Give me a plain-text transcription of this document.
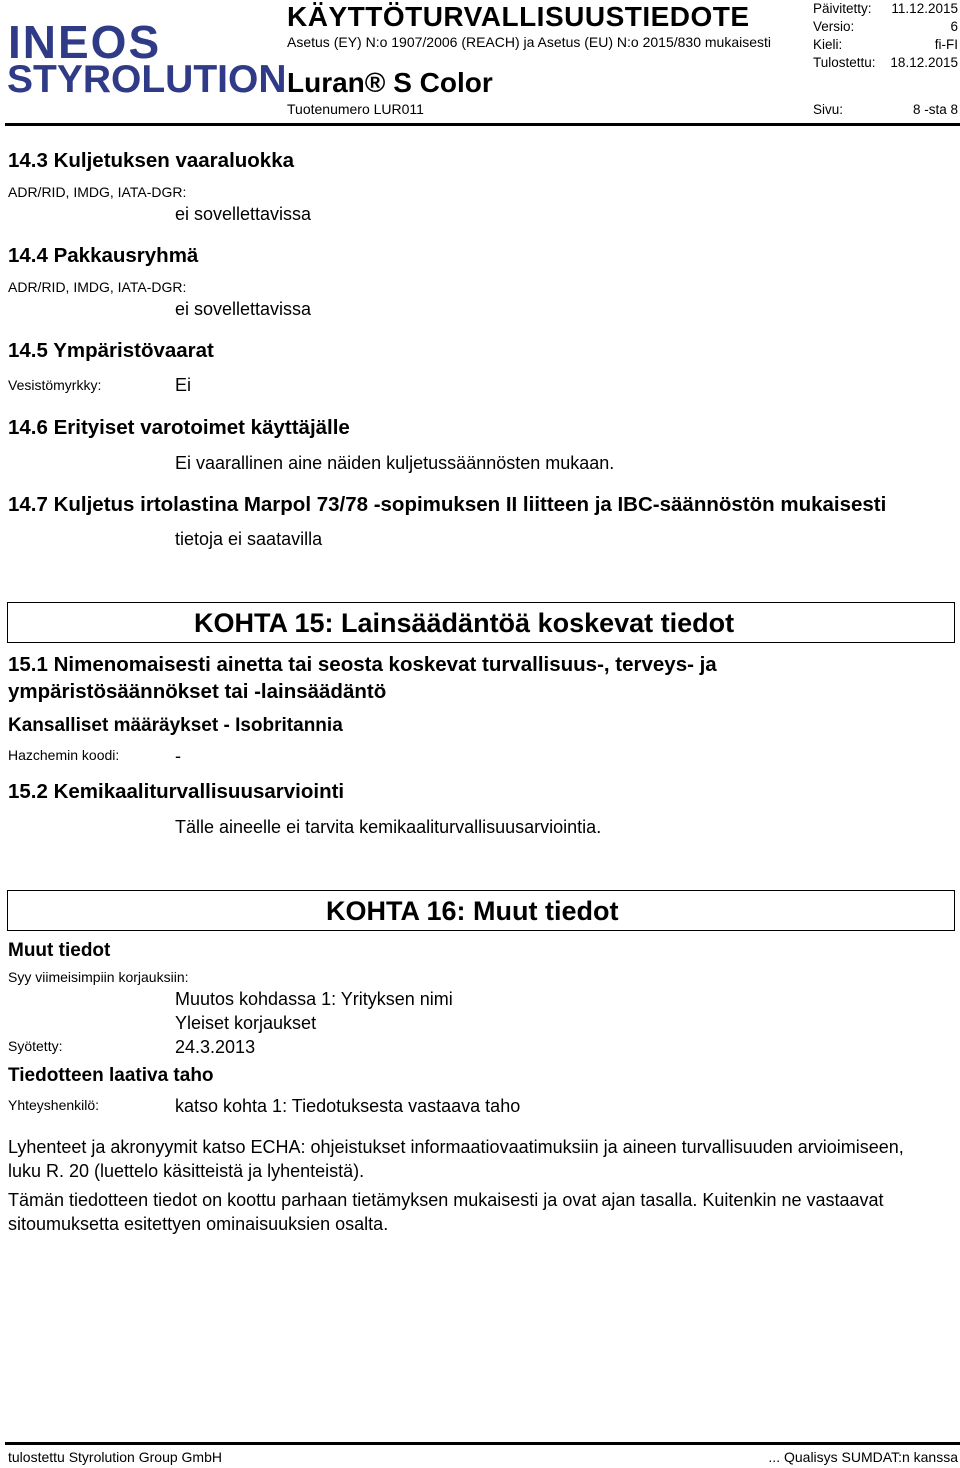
INEOS
STYROLUTION
KÄYTTÖTURVALLISUUSTIEDOTE
Asetus (EY) N:o 1907/2006 (REACH) ja Asetus (EU) N:o 2015/830 mukaisesti
Luran® S Color
Tuotenumero LUR011
Päivitetty: 11.12.2015
Versio:	6
Kieli:	fi-FI
Tulostettu: 18.12.2015
Sivu:	8 -sta 8
14.3 Kuljetuksen vaaraluokka
ADR/RID, IMDG, IATA-DGR:
ei sovellettavissa
14.4 Pakkausryhmä
ADR/RID, IMDG, IATA-DGR:
ei sovellettavissa
14.5 Ympäristövaarat
Vesistömyrkky:	Ei
14.6 Erityiset varotoimet käyttäjälle
Ei vaarallinen aine näiden kuljetussäännösten mukaan.
14.7 Kuljetus irtolastina Marpol 73/78 -sopimuksen II liitteen ja IBC-säännöstön mukaisesti
tietoja ei saatavilla
KOHTA 15: Lainsäädäntöä koskevat tiedot
15.1 Nimenomaisesti ainetta tai seosta koskevat turvallisuus-, terveys- ja
ympäristösäännökset tai -lainsäädäntö
Kansalliset määräykset - Isobritannia
Hazchemin koodi:	-
15.2 Kemikaaliturvallisuusarviointi
Tälle aineelle ei tarvita kemikaaliturvallisuusarviointia.
KOHTA 16: Muut tiedot
Muut tiedot
Syy viimeisimpiin korjauksiin:
Muutos kohdassa 1: Yrityksen nimi
Yleiset korjaukset
Syötetty:	24.3.2013
Tiedotteen laativa taho
Yhteyshenkilö:	katso kohta 1: Tiedotuksesta vastaava taho
Lyhenteet ja akronyymit katso ECHA: ohjeistukset informaatiovaatimuksiin ja aineen turvallisuuden arvioimiseen, luku R. 20 (luettelo käsitteistä ja lyhenteistä).
Tämän tiedotteen tiedot on koottu parhaan tietämyksen mukaisesti ja ovat ajan tasalla. Kuitenkin ne vastaavat sitoumuksetta esitettyen ominaisuuksien osalta.
tulostettu Styrolution Group GmbH	... Qualisys SUMDAT:n kanssa
